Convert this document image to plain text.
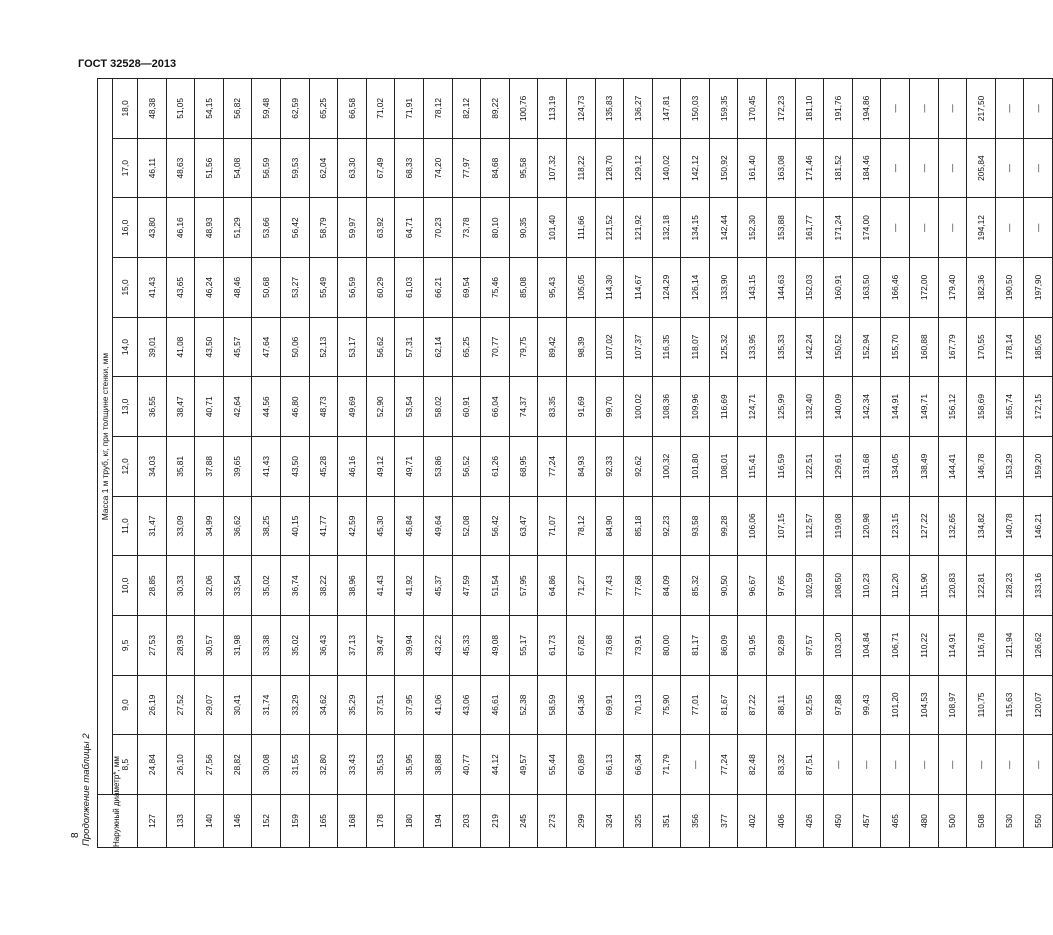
ГОСТ 32528—2013
8 Продолжение таблицы 2	Наружный диаметр*, мм	Масса 1 м труб, кг, при толщине стенки, мм											
	8,5	9,0	9,5	10,0	11,0	12,0	13,0	14,0	15,0	16,0	17,0	18,0
127	24,84	26,19	27,53	28,85	31,47	34,03	36,55	39,01	41,43	43,80	46,11	48,38
133	26,10	27,52	28,93	30,33	33,09	35,81	38,47	41,08	43,65	46,16	48,63	51,05
140	27,56	29,07	30,57	32,06	34,99	37,88	40,71	43,50	46,24	48,93	51,56	54,15
146	28,82	30,41	31,98	33,54	36,62	39,65	42,64	45,57	48,46	51,29	54,08	56,82
152	30,08	31,74	33,38	35,02	38,25	41,43	44,56	47,64	50,68	53,66	56,59	59,48
159	31,55	33,29	35,02	36,74	40,15	43,50	46,80	50,06	53,27	56,42	59,53	62,59
165	32,80	34,62	36,43	38,22	41,77	45,28	48,73	52,13	55,49	58,79	62,04	65,25
168	33,43	35,29	37,13	38,96	42,59	46,16	49,69	53,17	56,59	59,97	63,30	66,58
178	35,53	37,51	39,47	41,43	45,30	49,12	52,90	56,62	60,29	63,92	67,49	71,02
180	35,95	37,95	39,94	41,92	45,84	49,71	53,54	57,31	61,03	64,71	68,33	71,91
194	38,88	41,06	43,22	45,37	49,64	53,86	58,02	62,14	66,21	70,23	74,20	78,12
203	40,77	43,06	45,33	47,59	52,08	56,52	60,91	65,25	69,54	73,78	77,97	82,12
219	44,12	46,61	49,08	51,54	56,42	61,26	66,04	70,77	75,46	80,10	84,68	89,22
245	49,57	52,38	55,17	57,95	63,47	68,95	74,37	79,75	85,08	90,35	95,58	100,76
273	55,44	58,59	61,73	64,86	71,07	77,24	83,35	89,42	95,43	101,40	107,32	113,19
299	60,89	64,36	67,82	71,27	78,12	84,93	91,69	98,39	105,05	111,66	118,22	124,73
324	66,13	69,91	73,68	77,43	84,90	92,33	99,70	107,02	114,30	121,52	128,70	135,83
325	66,34	70,13	73,91	77,68	85,18	92,62	100,02	107,37	114,67	121,92	129,12	136,27
351	71,79	75,90	80,00	84,09	92,23	100,32	108,36	116,35	124,29	132,18	140,02	147,81
356	—	77,01	81,17	85,32	93,58	101,80	109,96	118,07	126,14	134,15	142,12	150,03
377	77,24	81,67	86,09	90,50	99,28	108,01	116,69	125,32	133,90	142,44	150,92	159,35
402	82,48	87,22	91,95	96,67	106,06	115,41	124,71	133,95	143,15	152,30	161,40	170,45
406	83,32	88,11	92,89	97,65	107,15	116,59	125,99	135,33	144,63	153,88	163,08	172,23
426	87,51	92,55	97,57	102,59	112,57	122,51	132,40	142,24	152,03	161,77	171,46	181,10
450	—	97,88	103,20	108,50	119,08	129,61	140,09	150,52	160,91	171,24	181,52	191,76
457	—	99,43	104,84	110,23	120,98	131,68	142,34	152,94	163,50	174,00	184,46	194,86
465	—	101,20	106,71	112,20	123,15	134,05	144,91	155,70	166,46	—	—	—
480	—	104,53	110,22	115,90	127,22	138,49	149,71	160,88	172,00	—	—	—
500	—	108,97	114,91	120,83	132,65	144,41	156,12	167,79	179,40	—	—	—
508	—	110,75	116,78	122,81	134,82	146,78	158,69	170,55	182,36	194,12	205,84	217,50
530	—	115,63	121,94	128,23	140,78	153,29	165,74	178,14	190,50	—	—	—
550	—	120,07	126,62	133,16	146,21	159,20	172,15	185,05	197,90	—	—	—
